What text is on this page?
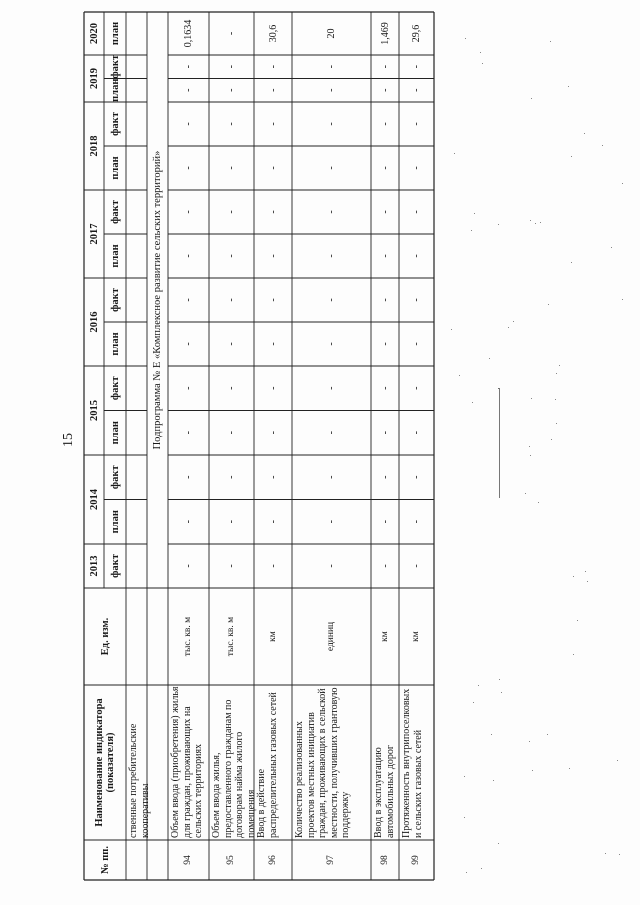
15
№ пп.
Наименование индикатора (показателя)
Ед. изм.
2013 факт
2014
план
факт
2015
план
факт
2016
план
факт
2017
план
факт
2018
план
факт
2019
план
факт
2020 план
ственные потребительские кооперативы
Подпрограмма № Е «Комплексное развитие сельских территорий»
94
Объем ввода (приобретения) жилья для граждан, проживающих на сельских территориях
тыс. кв. м
-
-
-
-
-
-
-
-
-
-
-
-
-
0,1634
95
Объем ввода жилья, предоставленного гражданам по договорам найма жилого помещения
тыс. кв. м
-
-
-
-
-
-
-
-
-
-
-
-
-
-
96
Ввод в действие распределительных газовых сетей
км
-
-
-
-
-
-
-
-
-
-
-
-
-
30,6
97
Количество реализованных проектов местных инициатив граждан, проживающих в сельской местности, получивших грантовую поддержку
единиц
-
-
-
-
-
-
-
-
-
-
-
-
-
20
98
Ввод в эксплуатацию автомобильных дорог
км
-
-
-
-
-
-
-
-
-
-
-
-
-
1,469
99
Протяженность внутрипоселковых и сельских газовых сетей
км
-
-
-
-
-
-
-
-
-
-
-
-
-
29,6
